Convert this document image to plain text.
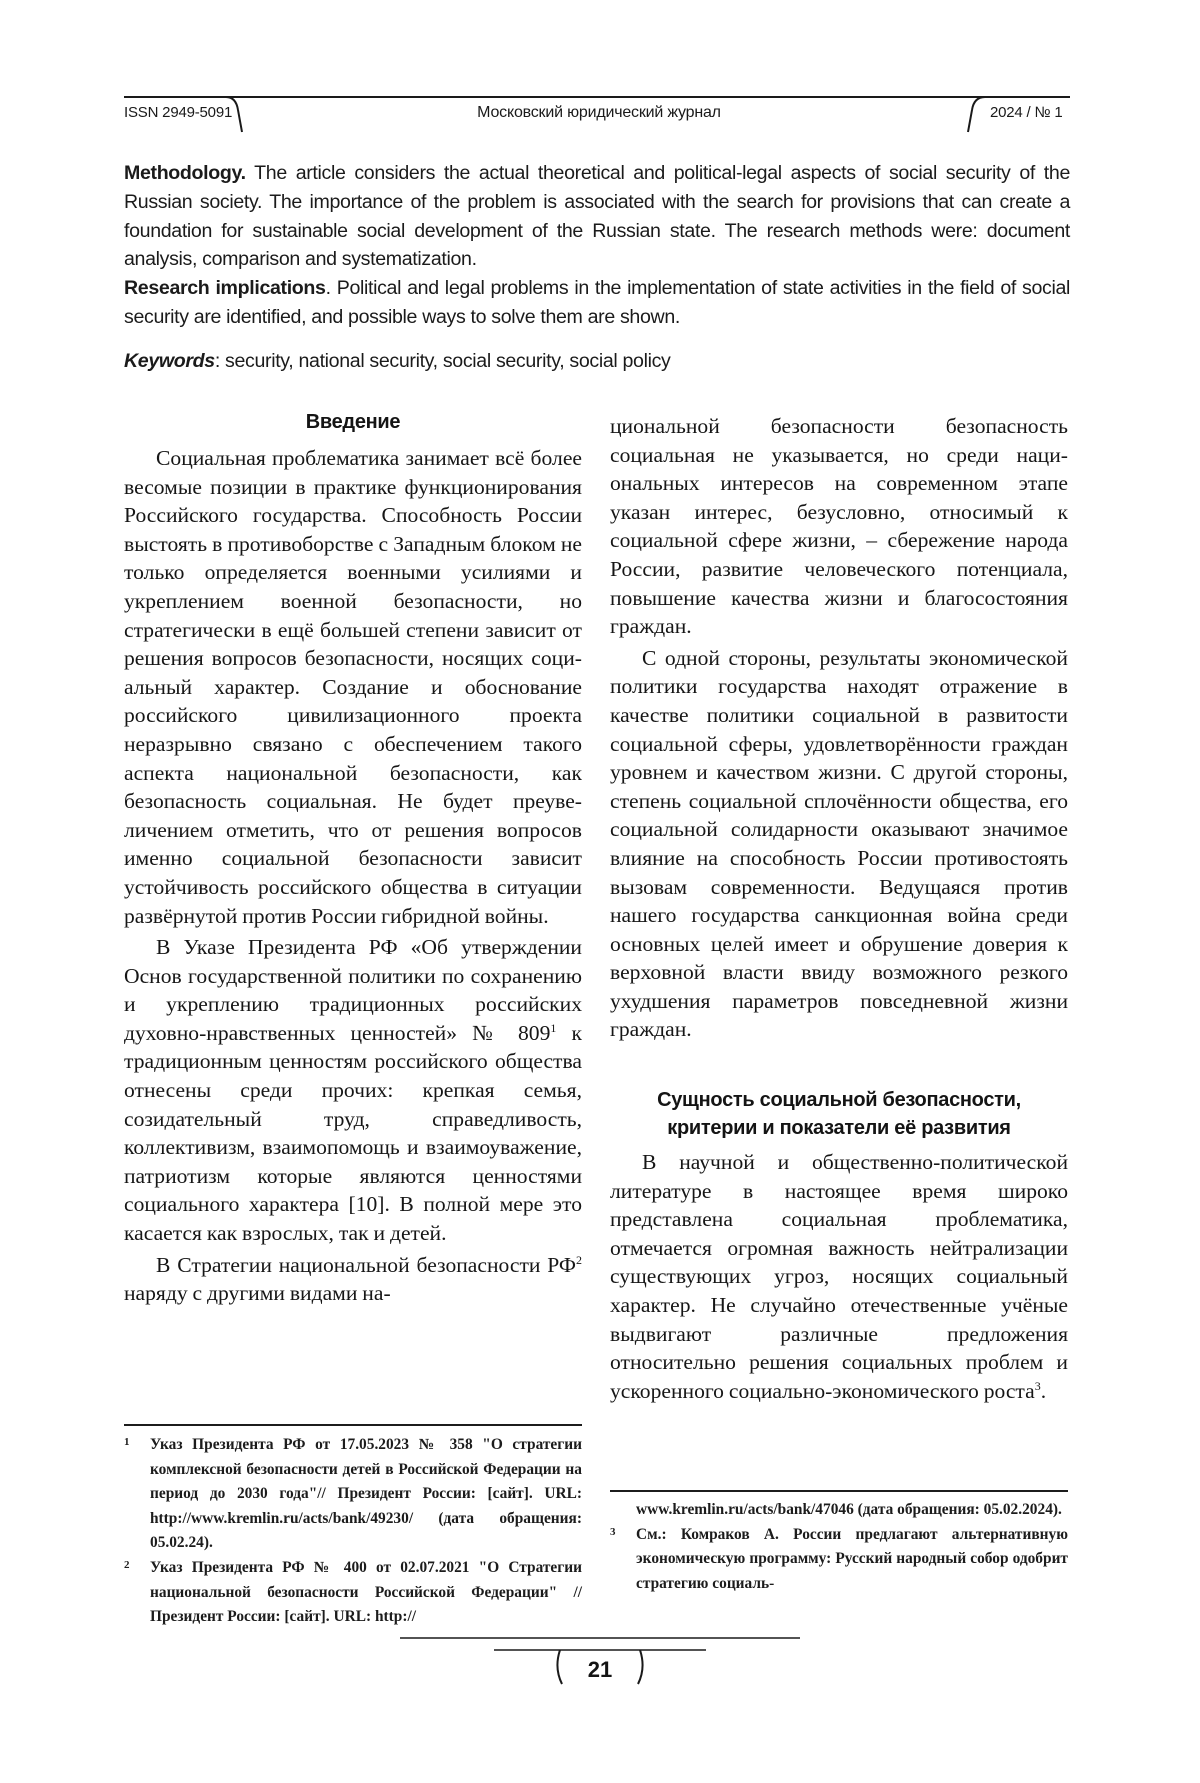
ISSN 2949-5091	Московский юридический журнал	2024 / № 1

Methodology. The article considers the actual theoretical and political-legal aspects of social security of the Russian society. The importance of the problem is associated with the search for provisions that can create a foundation for sustainable social development of the Russian state. The research methods were: document analysis, comparison and systematization.

Research implications. Political and legal problems in the implementation of state activities in the field of social security are identified, and possible ways to solve them are shown.

Keywords: security, national security, social security, social policy

Введение

Социальная проблематика занимает всё более весомые позиции в практике функционирования Российского государства. Способность России выстоять в противоборстве с Западным блоком не только определяется военными усилиями и укреплением военной безопасности, но стратегически в ещё большей степени зависит от решения вопросов безопасности, носящих социальный характер. Создание и обоснование российского цивилизационного проекта неразрывно связано с обеспечением такого аспекта национальной безопасности, как безопасность социальная. Не будет преувеличением отметить, что от решения вопросов именно социальной безопасности зависит устойчивость российского общества в ситуации развёрнутой против России гибридной войны.

В Указе Президента РФ «Об утверждении Основ государственной политики по сохранению и укреплению традиционных российских духовно-нравственных ценностей» № $809^1$ к традиционным ценностям российского общества отнесены среди прочих: крепкая семья, созидательный труд, справедливость, коллективизм, взаимопомощь и взаимоуважение, патриотизм которые являются ценностями социального характера [10]. В полной мере это касается как взрослых, так и детей.

В Стратегии национальной безопасности $РФ^2$ наряду с другими видами на-

циональной безопасности безопасность социальная не указывается, но среди национальных интересов на современном этапе указан интерес, безусловно, относимый к социальной сфере жизни, – сбережение народа России, развитие человеческого потенциала, повышение качества жизни и благосостояния граждан.

С одной стороны, результаты экономической политики государства находят отражение в качестве политики социальной в развитости социальной сферы, удовлетворённости граждан уровнем и качеством жизни. С другой стороны, степень социальной сплочённости общества, его социальной солидарности оказывают значимое влияние на способность России противостоять вызовам современности. Ведущаяся против нашего государства санкционная война среди основных целей имеет и обрушение доверия к верховной власти ввиду возможного резкого ухудшения параметров повседневной жизни граждан.

Сущность социальной безопасности,
критерии и показатели её развития

В научной и общественно-политической литературе в настоящее время широко представлена социальная проблематика, отмечается огромная важность нейтрализации существующих угроз, носящих социальный характер. Не случайно отечественные учёные выдвигают различные предложения относительно решения социальных проблем и ускоренного социально-экономического роста$^3$.

1 Указ Президента РФ от 17.05.2023 № 358 "О стратегии комплексной безопасности детей в Российской Федерации на период до 2030 года"// Президент России: [сайт]. URL: http://www.kremlin.ru/acts/bank/49230/ (дата обращения: 05.02.24).
2 Указ Президента РФ № 400 от 02.07.2021 "О Стратегии национальной безопасности Российской Федерации" // Президент России: [сайт]. URL: http://
www.kremlin.ru/acts/bank/47046 (дата обращения: 05.02.2024).
3 См.: Комраков А. России предлагают альтернативную экономическую программу: Русский народный собор одобрит стратегию социаль-
21
